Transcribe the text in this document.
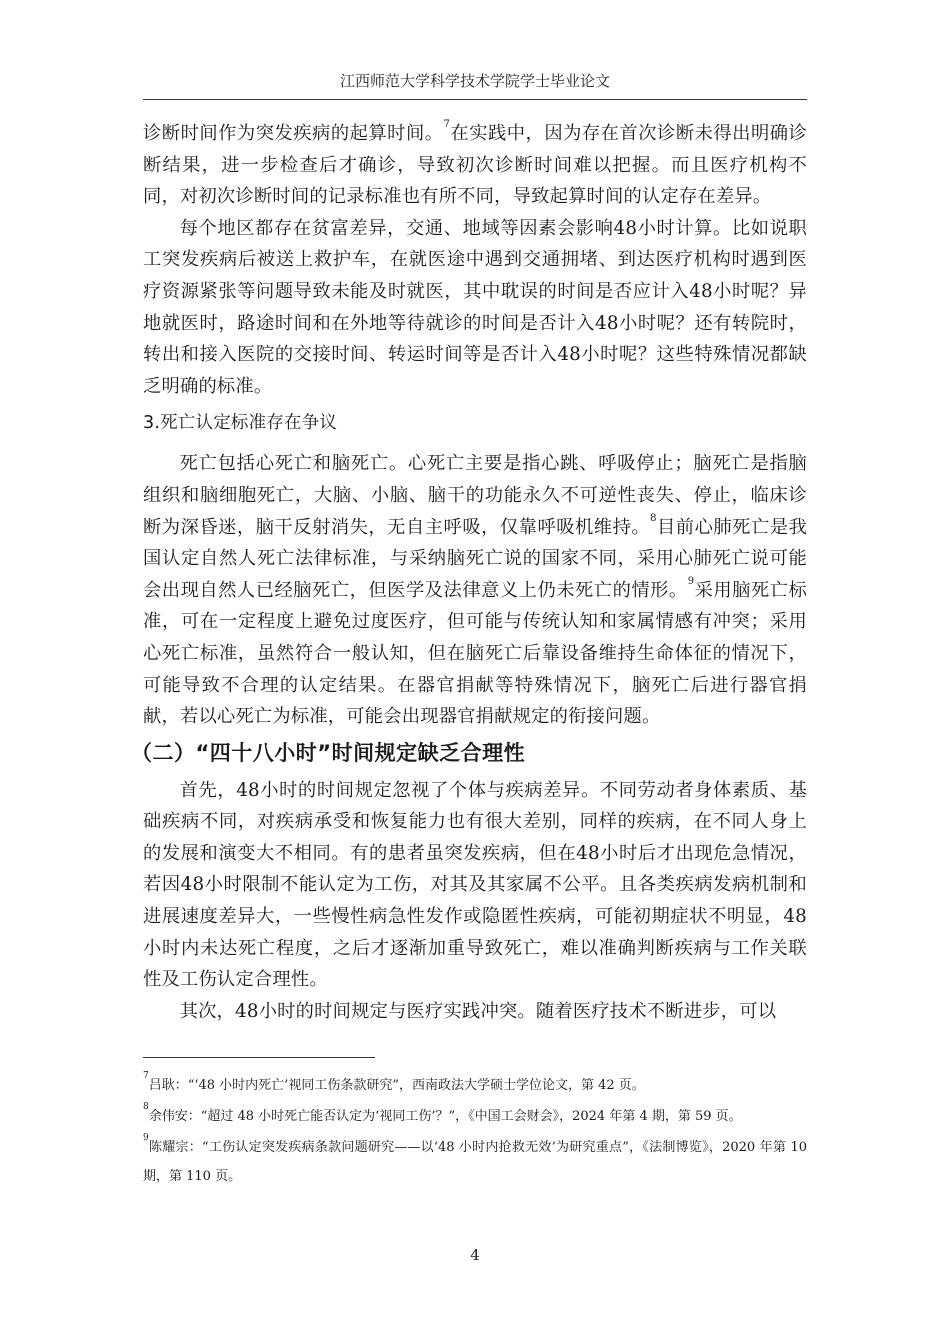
江西师范大学科学技术学院学士毕业论文

诊断时间作为突发疾病的起算时间。$^7$在实践中，因为存在首次诊断未得出明确诊断结果，进一步检查后才确诊，导致初次诊断时间难以把握。而且医疗机构不同，对初次诊断时间的记录标准也有所不同，导致起算时间的认定存在差异。

每个地区都存在贫富差异，交通、地域等因素会影响48小时计算。比如说职工突发疾病后被送上救护车，在就医途中遇到交通拥堵、到达医疗机构时遇到医疗资源紧张等问题导致未能及时就医，其中耽误的时间是否应计入48小时呢？异地就医时，路途时间和在外地等待就诊的时间是否计入48小时呢？还有转院时，转出和接入医院的交接时间、转运时间等是否计入48小时呢？这些特殊情况都缺乏明确的标准。

3.死亡认定标准存在争议

死亡包括心死亡和脑死亡。心死亡主要是指心跳、呼吸停止；脑死亡是指脑组织和脑细胞死亡，大脑、小脑、脑干的功能永久不可逆性丧失、停止，临床诊断为深昏迷，脑干反射消失，无自主呼吸，仅靠呼吸机维持。$^8$目前心肺死亡是我国认定自然人死亡法律标准，与采纳脑死亡说的国家不同，采用心肺死亡说可能会出现自然人已经脑死亡，但医学及法律意义上仍未死亡的情形。$^9$采用脑死亡标准，可在一定程度上避免过度医疗，但可能与传统认知和家属情感有冲突；采用心死亡标准，虽然符合一般认知，但在脑死亡后靠设备维持生命体征的情况下，可能导致不合理的认定结果。在器官捐献等特殊情况下，脑死亡后进行器官捐献，若以心死亡为标准，可能会出现器官捐献规定的衔接问题。

（二）“四十八小时”时间规定缺乏合理性

首先，48小时的时间规定忽视了个体与疾病差异。不同劳动者身体素质、基础疾病不同，对疾病承受和恢复能力也有很大差别，同样的疾病，在不同人身上的发展和演变大不相同。有的患者虽突发疾病，但在48小时后才出现危急情况，若因48小时限制不能认定为工伤，对其及其家属不公平。且各类疾病发病机制和进展速度差异大，一些慢性病急性发作或隐匿性疾病，可能初期症状不明显，48小时内未达死亡程度，之后才逐渐加重导致死亡，难以准确判断疾病与工作关联性及工伤认定合理性。

其次，48小时的时间规定与医疗实践冲突。随着医疗技术不断进步，可以

$^7$吕耿：“‘48 小时内死亡’视同工伤条款研究”，西南政法大学硕士学位论文，第 42 页。

$^8$余伟安：“超过 48 小时死亡能否认定为‘视同工伤’？”，《中国工会财会》，2024 年第 4 期，第 59 页。

$^9$陈耀宗：“工伤认定突发疾病条款问题研究——以‘48 小时内抢救无效’为研究重点”，《法制博览》，2020 年第 10 期，第 110 页。

4
